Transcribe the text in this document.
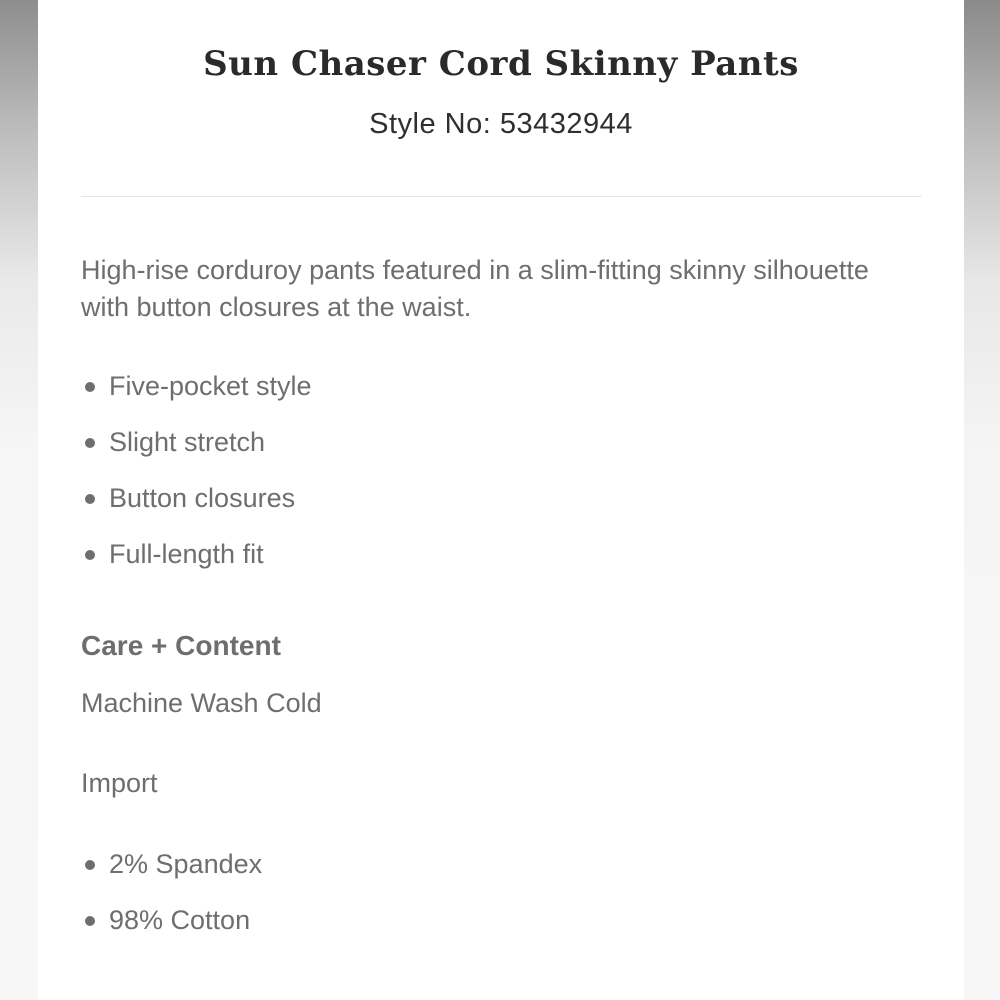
Sun Chaser Cord Skinny Pants
Style No: 53432944

High-rise corduroy pants featured in a slim-fitting skinny silhouette with button closures at the waist.

Five-pocket style
Slight stretch
Button closures
Full-length fit
Care + Content
Machine Wash Cold
Import
2% Spandex
98% Cotton
